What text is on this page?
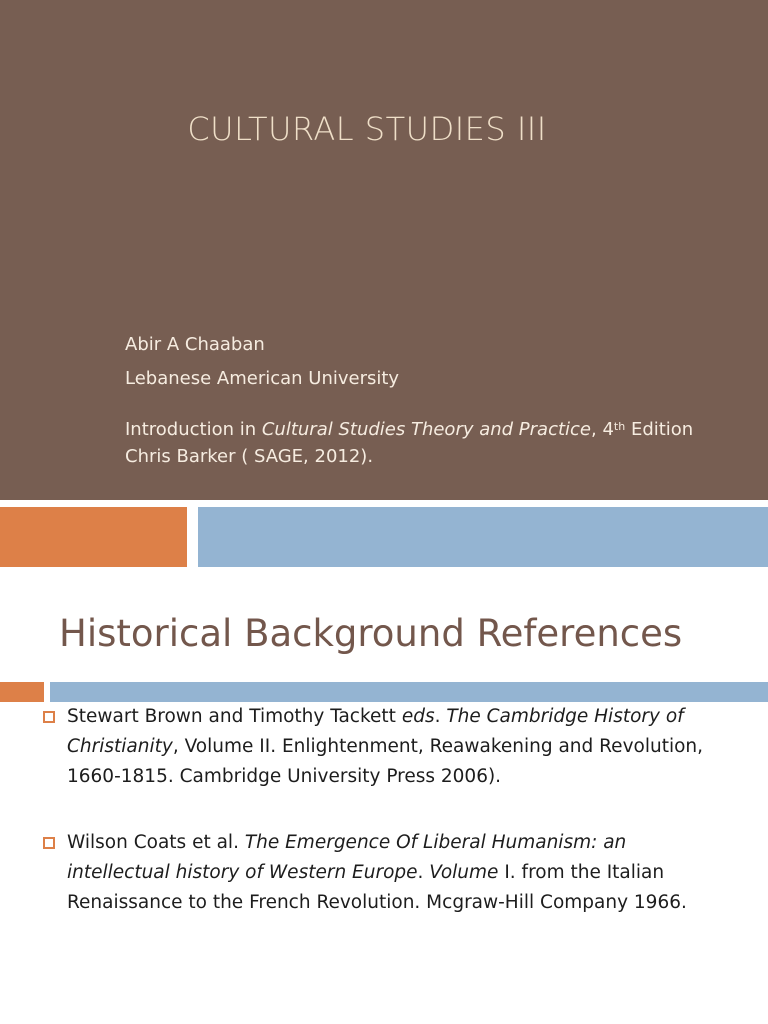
CULTURAL STUDIES III
Abir A Chaaban
Lebanese American University
Introduction in Cultural Studies Theory and Practice, 4th Edition
Chris Barker ( SAGE, 2012).
Historical Background References
Stewart Brown and Timothy Tackett eds. The Cambridge History of Christianity, Volume II. Enlightenment, Reawakening and Revolution, 1660-1815. Cambridge University Press 2006).
Wilson Coats et al. The Emergence Of Liberal Humanism: an intellectual history of Western Europe. Volume I. from the Italian Renaissance to the French Revolution. Mcgraw-Hill Company 1966.
